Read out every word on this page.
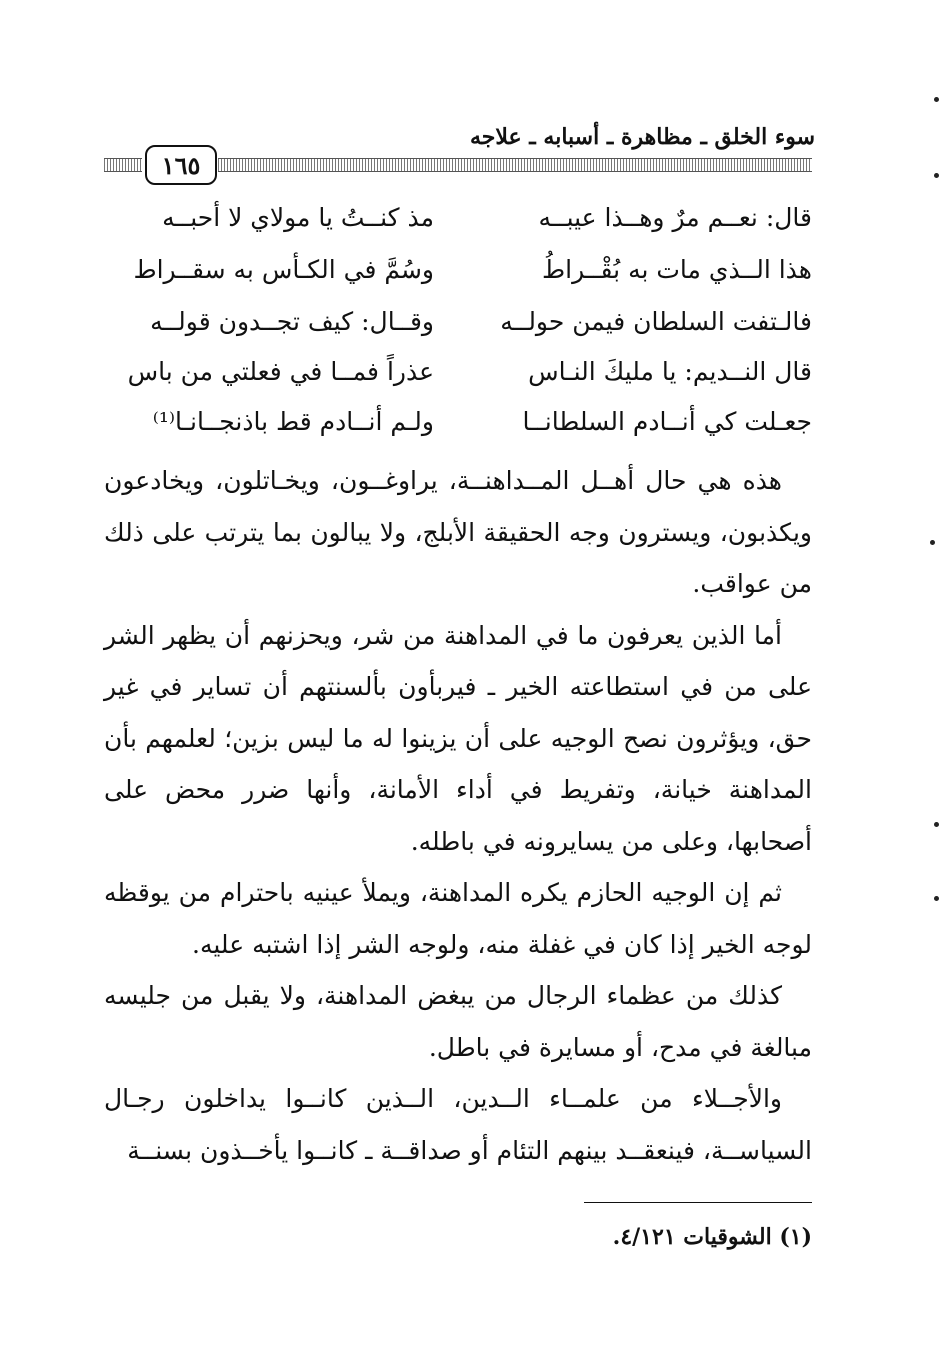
سوء الخلق ـ مظاهرة ـ أسبابه ـ علاجه
١٦٥
قال: نعــم مرٌ وهــذا عيبــه
مذ كنــتُ يا مولاي لا أحبــه
هذا الــذي مات به بُقْــراطُ
وسُمَّ في الكـأس به سقــراط
فالـتفت السلطان فيمن حولــه
وقــال: كيف تجــدون قولــه
قال النــديم: يا مليكَ النـاس
عذراً فمــا في فعلتي من باس
جعـلت كي أنــادم السلطانــا
ولـم أنــادم قط باذنجــانـا⁽¹⁾

هذه هي حال أهــل المــداهنــة، يراوغــون، ويخـاتلون، ويخادعون ويكذبون، ويسترون وجه الحقيقة الأبلج، ولا يبالون بما يترتب على ذلك من عواقب.

أما الذين يعرفون ما في المداهنة من شر، ويحزنهم أن يظهر الشر على من في استطاعته الخير ـ فيربأون بألسنتهم أن تساير في غير حق، ويؤثرون نصح الوجيه على أن يزينوا له ما ليس بزين؛ لعلمهم بأن المداهنة خيانة، وتفريط في أداء الأمانة، وأنها ضرر محض على أصحابها، وعلى من يسايرونه في باطله.

ثم إن الوجيه الحازم يكره المداهنة، ويملأ عينيه باحترام من يوقظه لوجه الخير إذا كان في غفلة منه، ولوجه الشر إذا اشتبه عليه.

كذلك من عظماء الرجال من يبغض المداهنة، ولا يقبل من جليسه مبالغة في مدح، أو مسايرة في باطل.

والأجــلاء من علمــاء الــدين، الــذين كانــوا يداخلون رجـال السياســة، فينعقــد بينهم التئام أو صداقــة ـ كانــوا يأخــذون بسنــة

(١) الشوقيات ٤/١٢١.
